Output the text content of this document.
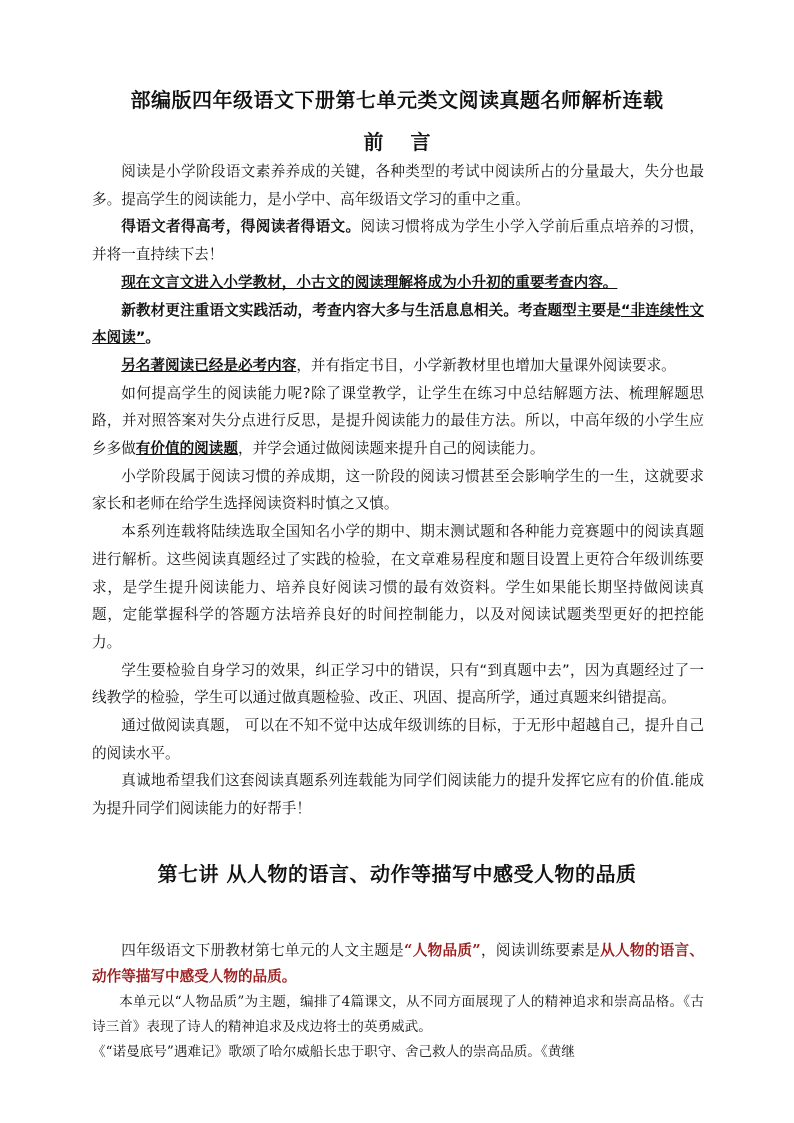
部编版四年级语文下册第七单元类文阅读真题名师解析连载
前 言

阅读是小学阶段语文素养养成的关键，各种类型的考试中阅读所占的分量最大，失分也最多。提高学生的阅读能力，是小学中、高年级语文学习的重中之重。

得语文者得高考，得阅读者得语文。阅读习惯将成为学生小学入学前后重点培养的习惯，并将一直持续下去！

现在文言文进入小学教材，小古文的阅读理解将成为小升初的重要考查内容。

新教材更注重语文实践活动，考查内容大多与生活息息相关。考查题型主要是“非连续性文本阅读”。

另名著阅读已经是必考内容，并有指定书目，小学新教材里也增加大量课外阅读要求。

如何提高学生的阅读能力呢?除了课堂教学，让学生在练习中总结解题方法、梳理解题思路，并对照答案对失分点进行反思，是提升阅读能力的最佳方法。所以，中高年级的小学生应乡多做有价值的阅读题，并学会通过做阅读题来提升自己的阅读能力。

小学阶段属于阅读习惯的养成期，这一阶段的阅读习惯甚至会影响学生的一生，这就要求家长和老师在给学生选择阅读资料时慎之又慎。

本系列连载将陆续选取全国知名小学的期中、期末测试题和各种能力竞赛题中的阅读真题进行解析。这些阅读真题经过了实践的检验，在文章难易程度和题目设置上更符合年级训练要求，是学生提升阅读能力、培养良好阅读习惯的最有效资料。学生如果能长期坚持做阅读真题，定能掌握科学的答题方法培养良好的时间控制能力，以及对阅读试题类型更好的把控能力。

学生要检验自身学习的效果，纠正学习中的错误，只有“到真题中去”，因为真题经过了一线教学的检验，学生可以通过做真题检验、改正、巩固、提高所学，通过真题来纠错提高。

通过做阅读真题， 可以在不知不觉中达成年级训练的目标，于无形中超越自己，提升自己的阅读水平。

真诚地希望我们这套阅读真题系列连载能为同学们阅读能力的提升发挥它应有的价值.能成为提升同学们阅读能力的好帮手！

第七讲 从人物的语言、动作等描写中感受人物的品质

四年级语文下册教材第七单元的人文主题是“人物品质”，阅读训练要素是从人物的语言、动作等描写中感受人物的品质。

本单元以“人物品质”为主题，编排了4篇课文，从不同方面展现了人的精神追求和崇高品格。《古诗三首》表现了诗人的精神追求及戍边将士的英勇威武。

《“诺曼底号”遇难记》歌颂了哈尔威船长忠于职守、舍己救人的崇高品质。《黄继
